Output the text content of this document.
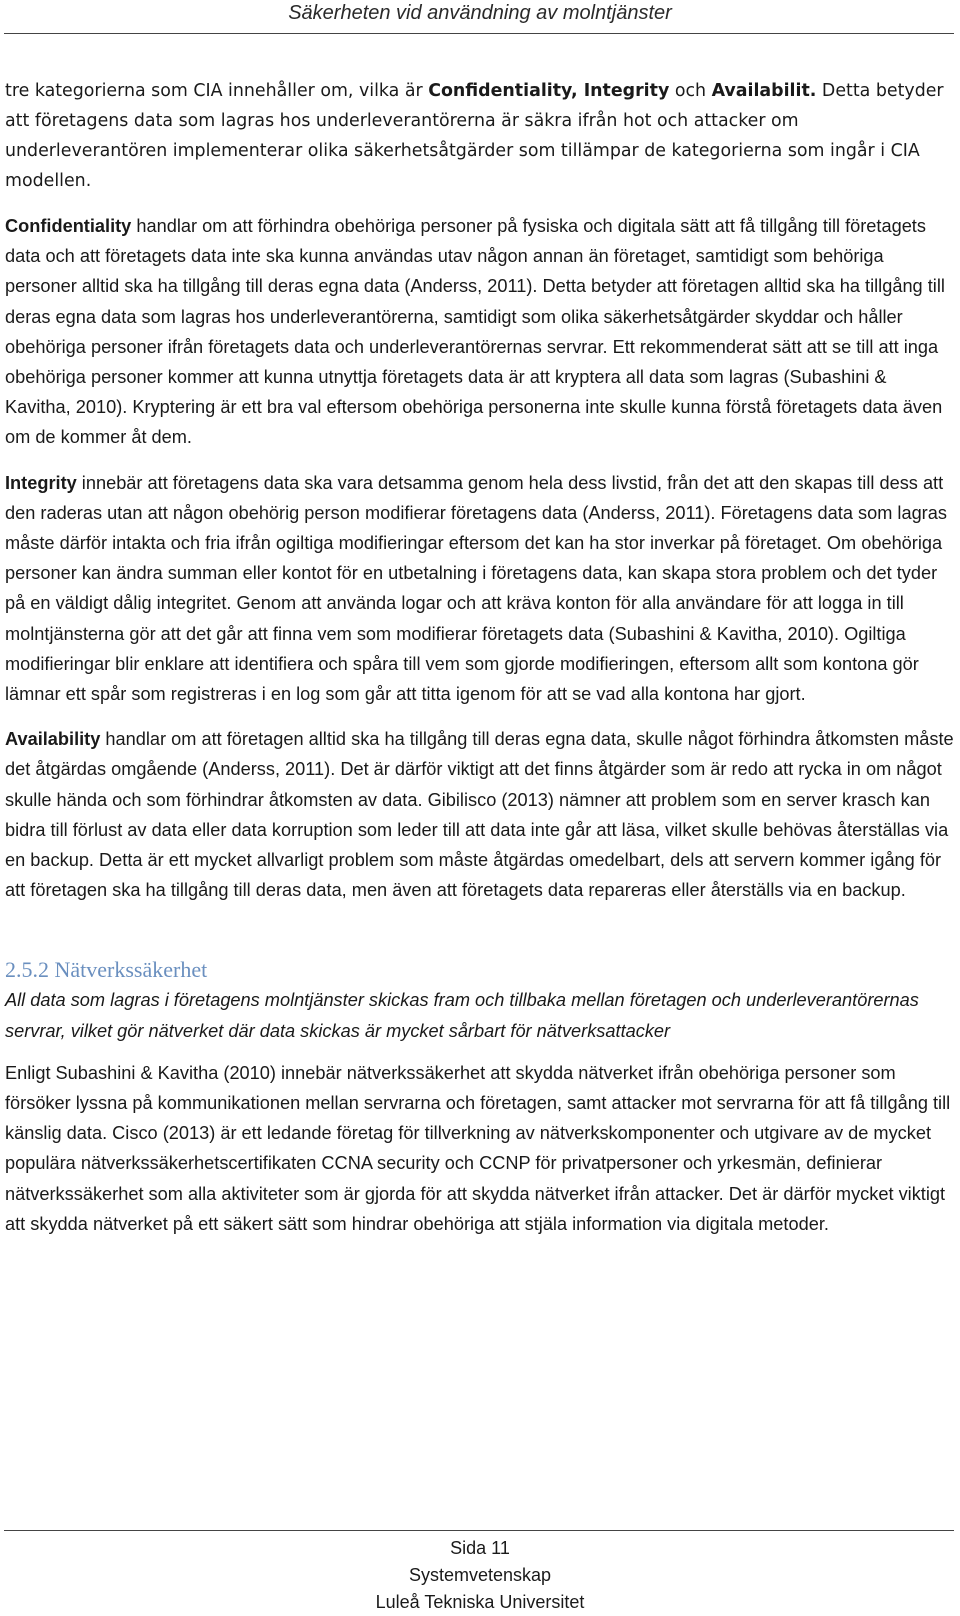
Säkerheten vid användning av molntjänster

tre kategorierna som CIA innehåller om, vilka är Confidentiality, Integrity och Availabilit. Detta betyder att företagens data som lagras hos underleverantörerna är säkra ifrån hot och attacker om underleverantören implementerar olika säkerhetsåtgärder som tillämpar de kategorierna som ingår i CIA modellen.

Confidentiality handlar om att förhindra obehöriga personer på fysiska och digitala sätt att få tillgång till företagets data och att företagets data inte ska kunna användas utav någon annan än företaget, samtidigt som behöriga personer alltid ska ha tillgång till deras egna data (Anderss, 2011). Detta betyder att företagen alltid ska ha tillgång till deras egna data som lagras hos underleverantörerna, samtidigt som olika säkerhetsåtgärder skyddar och håller obehöriga personer ifrån företagets data och underleverantörernas servrar. Ett rekommenderat sätt att se till att inga obehöriga personer kommer att kunna utnyttja företagets data är att kryptera all data som lagras (Subashini & Kavitha, 2010). Kryptering är ett bra val eftersom obehöriga personerna inte skulle kunna förstå företagets data även om de kommer åt dem.

Integrity innebär att företagens data ska vara detsamma genom hela dess livstid, från det att den skapas till dess att den raderas utan att någon obehörig person modifierar företagens data (Anderss, 2011). Företagens data som lagras måste därför intakta och fria ifrån ogiltiga modifieringar eftersom det kan ha stor inverkar på företaget. Om obehöriga personer kan ändra summan eller kontot för en utbetalning i företagens data, kan skapa stora problem och det tyder på en väldigt dålig integritet. Genom att använda logar och att kräva konton för alla användare för att logga in till molntjänsterna gör att det går att finna vem som modifierar företagets data (Subashini & Kavitha, 2010). Ogiltiga modifieringar blir enklare att identifiera och spåra till vem som gjorde modifieringen, eftersom allt som kontona gör lämnar ett spår som registreras i en log som går att titta igenom för att se vad alla kontona har gjort.

Availability handlar om att företagen alltid ska ha tillgång till deras egna data, skulle något förhindra åtkomsten måste det åtgärdas omgående (Anderss, 2011). Det är därför viktigt att det finns åtgärder som är redo att rycka in om något skulle hända och som förhindrar åtkomsten av data. Gibilisco (2013) nämner att problem som en server krasch kan bidra till förlust av data eller data korruption som leder till att data inte går att läsa, vilket skulle behövas återställas via en backup. Detta är ett mycket allvarligt problem som måste åtgärdas omedelbart, dels att servern kommer igång för att företagen ska ha tillgång till deras data, men även att företagets data repareras eller återställs via en backup.

2.5.2 Nätverkssäkerhet

All data som lagras i företagens molntjänster skickas fram och tillbaka mellan företagen och underleverantörernas servrar, vilket gör nätverket där data skickas är mycket sårbart för nätverksattacker

Enligt Subashini & Kavitha (2010) innebär nätverkssäkerhet att skydda nätverket ifrån obehöriga personer som försöker lyssna på kommunikationen mellan servrarna och företagen, samt attacker mot servrarna för att få tillgång till känslig data. Cisco (2013) är ett ledande företag för tillverkning av nätverkskomponenter och utgivare av de mycket populära nätverkssäkerhetscertifikaten CCNA security och CCNP för privatpersoner och yrkesmän, definierar nätverkssäkerhet som alla aktiviteter som är gjorda för att skydda nätverket ifrån attacker. Det är därför mycket viktigt att skydda nätverket på ett säkert sätt som hindrar obehöriga att stjäla information via digitala metoder.

Sida 11
Systemvetenskap
Luleå Tekniska Universitet
